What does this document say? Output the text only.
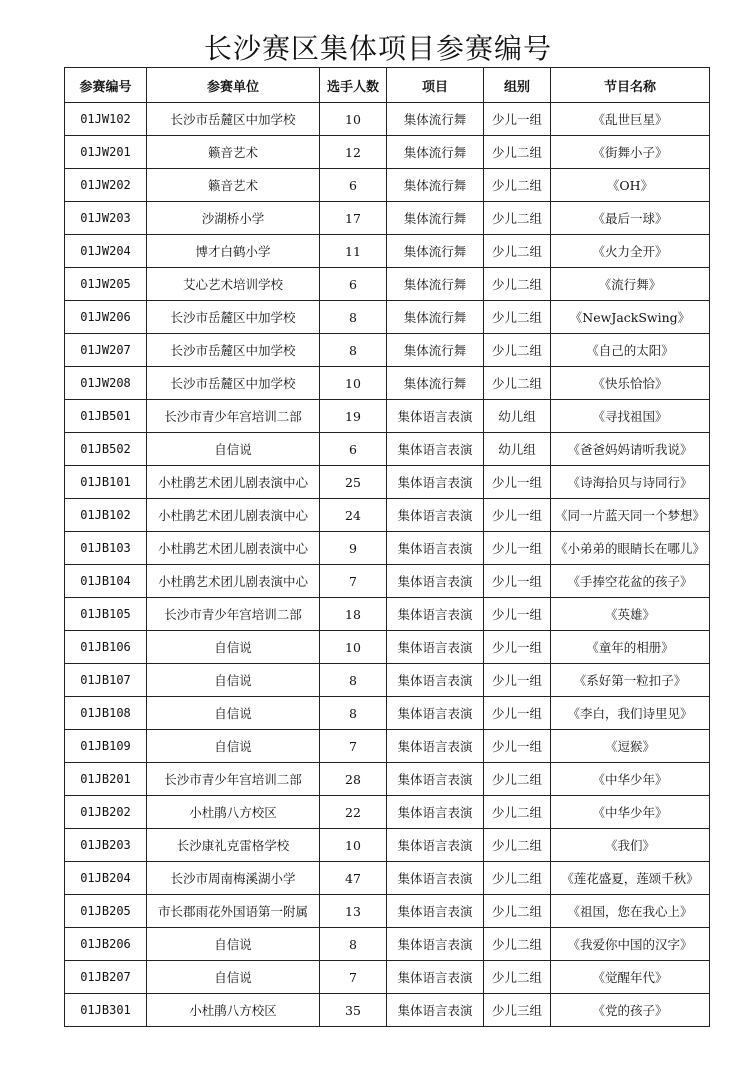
长沙赛区集体项目参赛编号
参赛编号	参赛单位	选手人数	项目	组别	节目名称
01JW102	长沙市岳麓区中加学校	10	集体流行舞	少儿一组	《乱世巨星》
01JW201	籁音艺术	12	集体流行舞	少儿二组	《街舞小子》
01JW202	籁音艺术	6	集体流行舞	少儿二组	《OH》
01JW203	沙湖桥小学	17	集体流行舞	少儿二组	《最后一球》
01JW204	博才白鹤小学	11	集体流行舞	少儿二组	《火力全开》
01JW205	艾心艺术培训学校	6	集体流行舞	少儿二组	《流行舞》
01JW206	长沙市岳麓区中加学校	8	集体流行舞	少儿二组	《NewJackSwing》
01JW207	长沙市岳麓区中加学校	8	集体流行舞	少儿二组	《自己的太阳》
01JW208	长沙市岳麓区中加学校	10	集体流行舞	少儿二组	《快乐恰恰》
01JB501	长沙市青少年宫培训二部	19	集体语言表演	幼儿组	《寻找祖国》
01JB502	自信说	6	集体语言表演	幼儿组	《爸爸妈妈请听我说》
01JB101	小杜鹃艺术团儿剧表演中心	25	集体语言表演	少儿一组	《诗海拾贝与诗同行》
01JB102	小杜鹃艺术团儿剧表演中心	24	集体语言表演	少儿一组	《同一片蓝天同一个梦想》
01JB103	小杜鹃艺术团儿剧表演中心	9	集体语言表演	少儿一组	《小弟弟的眼睛长在哪儿》
01JB104	小杜鹃艺术团儿剧表演中心	7	集体语言表演	少儿一组	《手捧空花盆的孩子》
01JB105	长沙市青少年宫培训二部	18	集体语言表演	少儿一组	《英雄》
01JB106	自信说	10	集体语言表演	少儿一组	《童年的相册》
01JB107	自信说	8	集体语言表演	少儿一组	《系好第一粒扣子》
01JB108	自信说	8	集体语言表演	少儿一组	《李白，我们诗里见》
01JB109	自信说	7	集体语言表演	少儿一组	《逗猴》
01JB201	长沙市青少年宫培训二部	28	集体语言表演	少儿二组	《中华少年》
01JB202	小杜鹃八方校区	22	集体语言表演	少儿二组	《中华少年》
01JB203	长沙康礼克雷格学校	10	集体语言表演	少儿二组	《我们》
01JB204	长沙市周南梅溪湖小学	47	集体语言表演	少儿二组	《莲花盛夏，莲颂千秋》
01JB205	市长郡雨花外国语第一附属	13	集体语言表演	少儿二组	《祖国，您在我心上》
01JB206	自信说	8	集体语言表演	少儿二组	《我爱你中国的汉字》
01JB207	自信说	7	集体语言表演	少儿二组	《觉醒年代》
01JB301	小杜鹃八方校区	35	集体语言表演	少儿三组	《党的孩子》
